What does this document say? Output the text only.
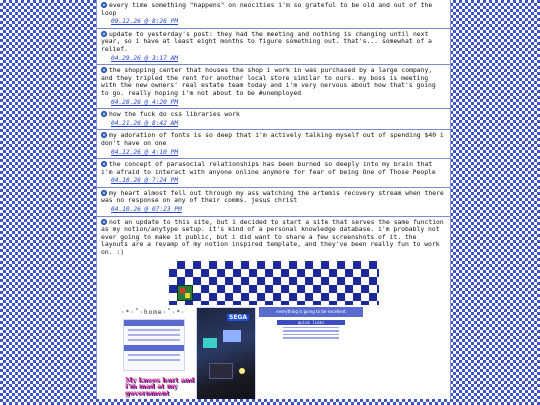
every time something "happens" on neocities i'm so grateful to be old and out of the loop
09.12.26 @ 8:26 PM
update to yesterday's post: they had the meeting and nothing is changing until next year, so i have at least eight months to figure something out. that's... somewhat of a relief.
04.29.26 @ 3:17 AM
the shopping center that houses the shop i work in was purchased by a large company, and they tripled the rent for another local store similar to ours. my boss is meeting with the new owners' real estate team today and i'm very nervous about how that's going to go. really hoping i'm not about to be #unemployed
04.28.26 @ 4:20 PM
how the fuck do css libraries work
04.21.26 @ 8:42 AM
my adoration of fonts is so deep that i'm actively talking myself out of spending $40 i don't have on one
04.12.26 @ 4:10 PM
the concept of parasocial relationships has been burned so deeply into my brain that i'm afraid to interact with anyone online anymore for fear of being One of Those People
04.10.26 @ 7:24 PM
my heart almost fell out through my ass watching the artemis recovery stream when there was no response on any of their comms. jesus christ
04.10.26 @ 07:23 PM
not an update to this site, but i decided to start a site that serves the same function as my notion/anytype setup. it's kind of a personal knowledge database. i'm probably not ever going to make it public, but i did want to share a few screenshots of it. the layouts are a revamp of my notion inspired template, and they've been really fun to work on. :)
·*·˚·home·˚·*·
My knees hurt and i'm mad at my government
SEGA
everything is going to be excellent
quick links
